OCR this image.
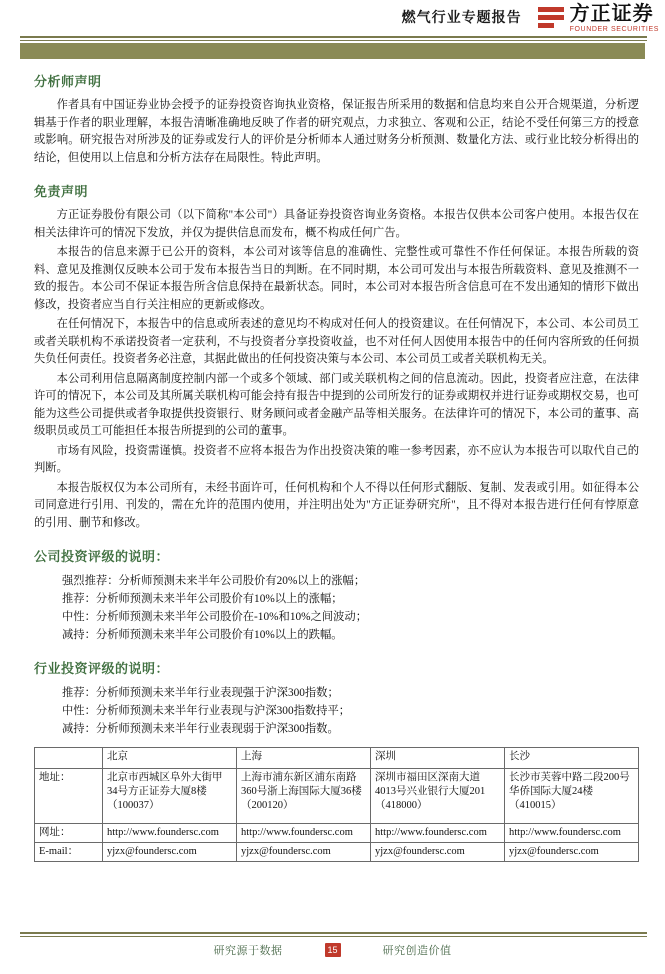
燃气行业专题报告 方正证券
FOUNDER SECURITIES
分析师声明

作者具有中国证券业协会授予的证券投资咨询执业资格，保证报告所采用的数据和信息均来自公开合规渠道，分析逻辑基于作者的职业理解，本报告清晰准确地反映了作者的研究观点，力求独立、客观和公正，结论不受任何第三方的授意或影响。研究报告对所涉及的证券或发行人的评价是分析师本人通过财务分析预测、数量化方法、或行业比较分析得出的结论，但使用以上信息和分析方法存在局限性。特此声明。

免责声明

方正证券股份有限公司（以下简称"本公司"）具备证券投资咨询业务资格。本报告仅供本公司客户使用。本报告仅在相关法律许可的情况下发放，并仅为提供信息而发布，概不构成任何广告。

本报告的信息来源于已公开的资料，本公司对该等信息的准确性、完整性或可靠性不作任何保证。本报告所载的资料、意见及推测仅反映本公司于发布本报告当日的判断。在不同时期，本公司可发出与本报告所载资料、意见及推测不一致的报告。本公司不保证本报告所含信息保持在最新状态。同时，本公司对本报告所含信息可在不发出通知的情形下做出修改，投资者应当自行关注相应的更新或修改。

在任何情况下，本报告中的信息或所表述的意见均不构成对任何人的投资建议。在任何情况下，本公司、本公司员工或者关联机构不承诺投资者一定获利，不与投资者分享投资收益，也不对任何人因使用本报告中的任何内容所致的任何损失负任何责任。投资者务必注意，其据此做出的任何投资决策与本公司、本公司员工或者关联机构无关。

本公司利用信息隔离制度控制内部一个或多个领域、部门或关联机构之间的信息流动。因此，投资者应注意，在法律许可的情况下，本公司及其所属关联机构可能会持有报告中提到的公司所发行的证券或期权并进行证券或期权交易，也可能为这些公司提供或者争取提供投资银行、财务顾问或者金融产品等相关服务。在法律许可的情况下，本公司的董事、高级职员或员工可能担任本报告所提到的公司的董事。

市场有风险，投资需谨慎。投资者不应将本报告为作出投资决策的唯一参考因素，亦不应认为本报告可以取代自己的判断。

本报告版权仅为本公司所有，未经书面许可，任何机构和个人不得以任何形式翻版、复制、发表或引用。如征得本公司同意进行引用、刊发的，需在允许的范围内使用，并注明出处为"方正证券研究所"，且不得对本报告进行任何有悖原意的引用、删节和修改。

公司投资评级的说明：
强烈推荐：分析师预测未来半年公司股价有20%以上的涨幅；
推荐：分析师预测未来半年公司股价有10%以上的涨幅；
中性：分析师预测未来半年公司股价在-10%和10%之间波动；
减持：分析师预测未来半年公司股价有10%以上的跌幅。
行业投资评级的说明：
推荐：分析师预测未来半年行业表现强于沪深300指数；
中性：分析师预测未来半年行业表现与沪深300指数持平；
减持：分析师预测未来半年行业表现弱于沪深300指数。
	北京	上海	深圳	长沙
地址：	北京市西城区阜外大街甲34号方正证券大厦8楼（100037）	上海市浦东新区浦东南路360号浙上海国际大厦36楼（200120）	深圳市福田区深南大道4013号兴业银行大厦201（418000）	长沙市芙蓉中路二段200号华侨国际大厦24楼（410015）
网址：	http://www.foundersc.com	http://www.foundersc.com	http://www.foundersc.com	http://www.foundersc.com
E-mail：	yjzx@foundersc.com	yjzx@foundersc.com	yjzx@foundersc.com	yjzx@foundersc.com
研究源于数据	15	研究创造价值
